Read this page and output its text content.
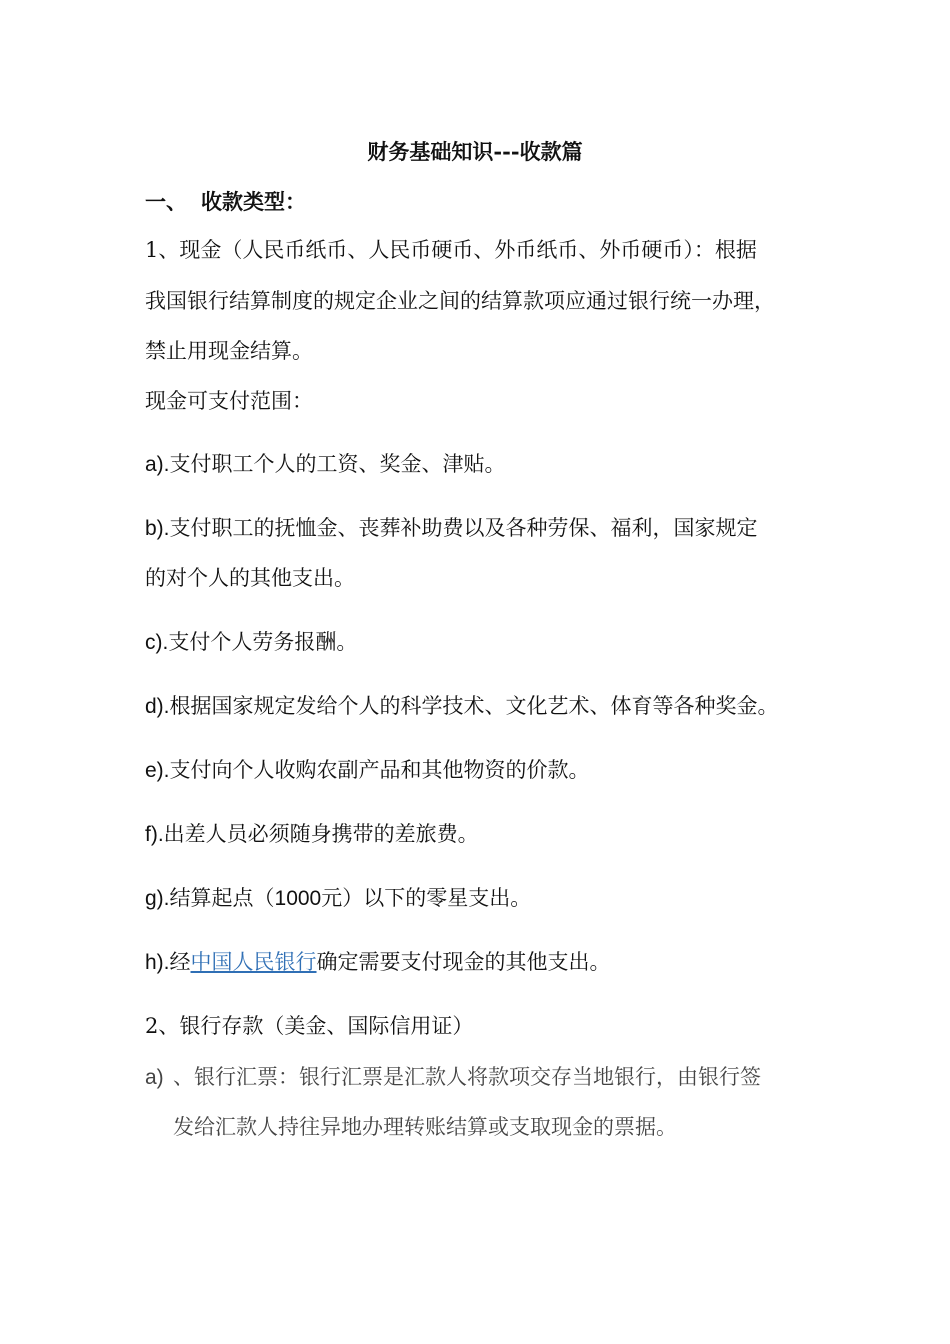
财务基础知识---收款篇
一、 收款类型：
1、现金（人民币纸币、人民币硬币、外币纸币、外币硬币）：根据
我国银行结算制度的规定企业之间的结算款项应通过银行统一办理，
禁止用现金结算。
现金可支付范围：
a).支付职工个人的工资、奖金、津贴。
b).支付职工的抚恤金、丧葬补助费以及各种劳保、福利，国家规定
的对个人的其他支出。
c).支付个人劳务报酬。
d).根据国家规定发给个人的科学技术、文化艺术、体育等各种奖金。
e).支付向个人收购农副产品和其他物资的价款。
f).出差人员必须随身携带的差旅费。
g).结算起点（1000元）以下的零星支出。
h).经中国人民银行确定需要支付现金的其他支出。
2、银行存款（美金、国际信用证）
a) 、银行汇票：银行汇票是汇款人将款项交存当地银行，由银行签
发给汇款人持往异地办理转账结算或支取现金的票据。
